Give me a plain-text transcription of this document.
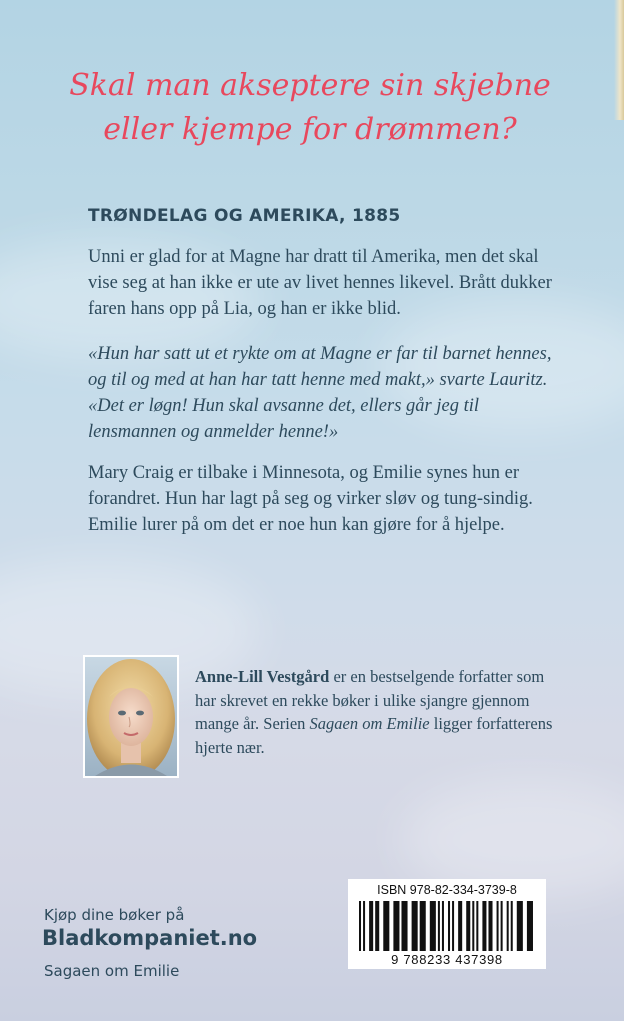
Skal man akseptere sin skjebne
eller kjempe for drømmen?
TRØNDELAG OG AMERIKA, 1885
Unni er glad for at Magne har dratt til Amerika, men det skal vise seg at han ikke er ute av livet hennes likevel. Brått dukker faren hans opp på Lia, og han er ikke blid.
«Hun har satt ut et rykte om at Magne er far til barnet hennes, og til og med at han har tatt henne med makt,» svarte Lauritz. «Det er løgn! Hun skal avsanne det, ellers går jeg til lensmannen og anmelder henne!»
Mary Craig er tilbake i Minnesota, og Emilie synes hun er forandret. Hun har lagt på seg og virker sløv og tung-sindig. Emilie lurer på om det er noe hun kan gjøre for å hjelpe.
Anne-Lill Vestgård er en bestselgende forfatter som har skrevet en rekke bøker i ulike sjangre gjennom mange år. Serien Sagaen om Emilie ligger forfatterens hjerte nær.
Kjøp dine bøker på
Bladkompaniet.no
Sagaen om Emilie
ISBN 978-82-334-3739-8
9 788233 437398
